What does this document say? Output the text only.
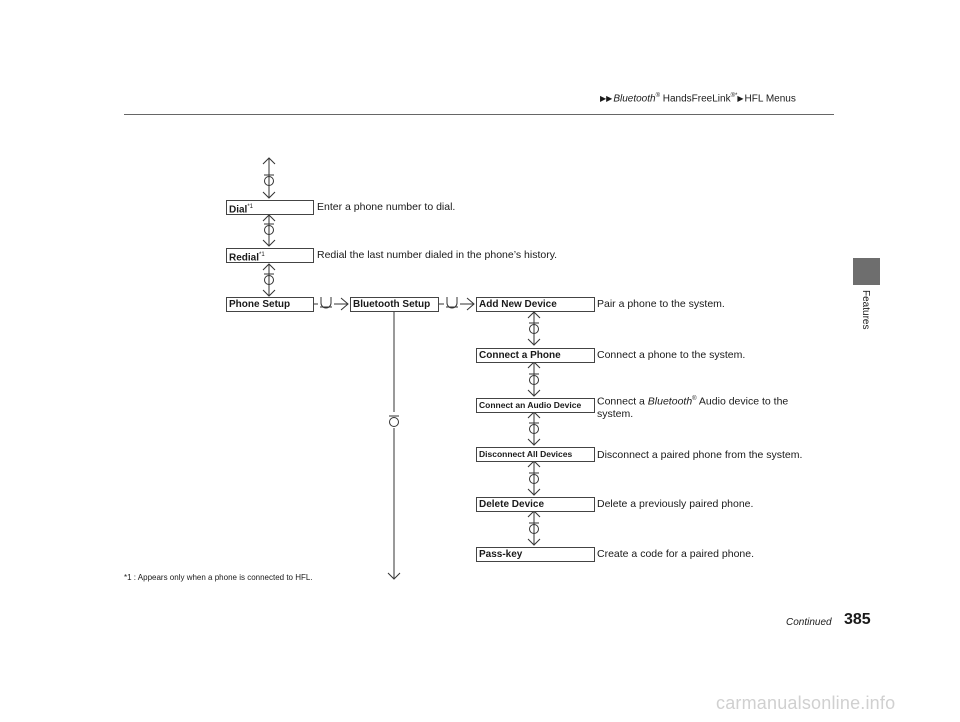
▶▶Bluetooth® HandsFreeLink®*▶HFL Menus
Features
Dial$^{*1}$	Enter a phone number to dial.
Redial$^{*1}$	Redial the last number dialed in the phone’s history.
Phone Setup	Bluetooth Setup	Add New Device	Pair a phone to the system.
Connect a Phone	Connect a phone to the system.
Connect an Audio Device	Connect a Bluetooth® Audio device to the
system.
Disconnect All Devices	Disconnect a paired phone from the system.
Delete Device	Delete a previously paired phone.
Pass-key	Create a code for a paired phone.
*1 : Appears only when a phone is connected to HFL.
Continued 385
carmanualsonline.info
